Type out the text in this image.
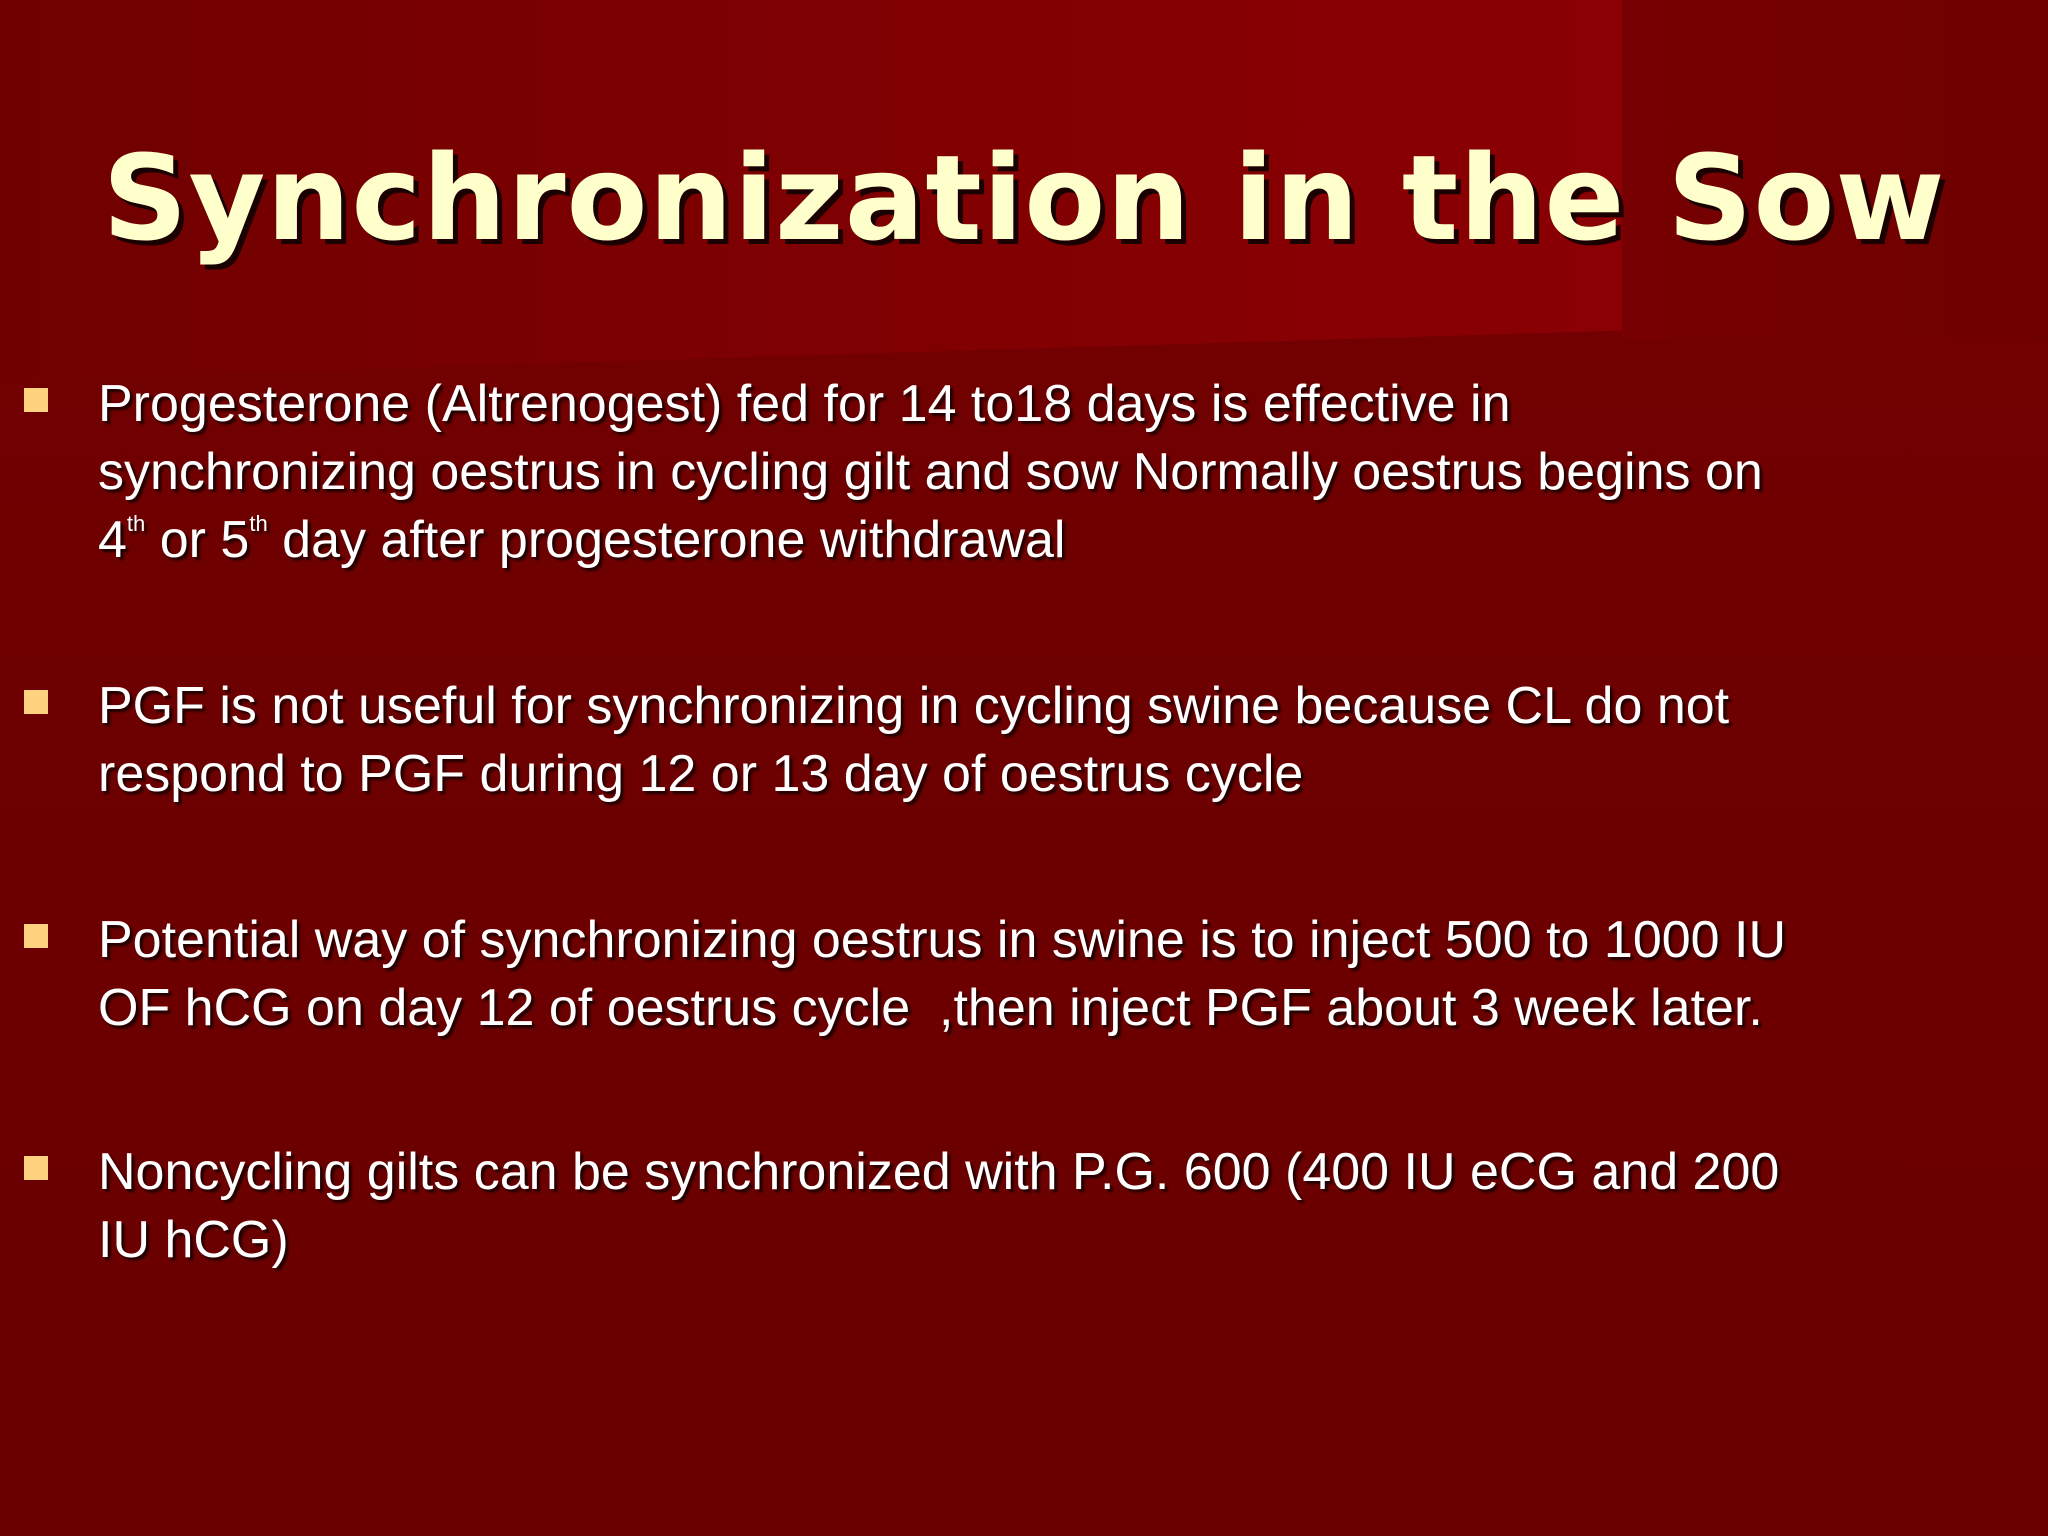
Synchronization in the Sow
Progesterone (Altrenogest) fed for 14 to18 days is effective in
synchronizing oestrus in cycling gilt and sow Normally oestrus begins on
4th or 5th day after progesterone withdrawal
PGF is not useful for synchronizing in cycling swine because CL do not
respond to PGF during 12 or 13 day of oestrus cycle
Potential way of synchronizing oestrus in swine is to inject 500 to 1000 IU
OF hCG on day 12 of oestrus cycle  ,then inject PGF about 3 week later.
Noncycling gilts can be synchronized with P.G. 600 (400 IU eCG and 200
IU hCG)
